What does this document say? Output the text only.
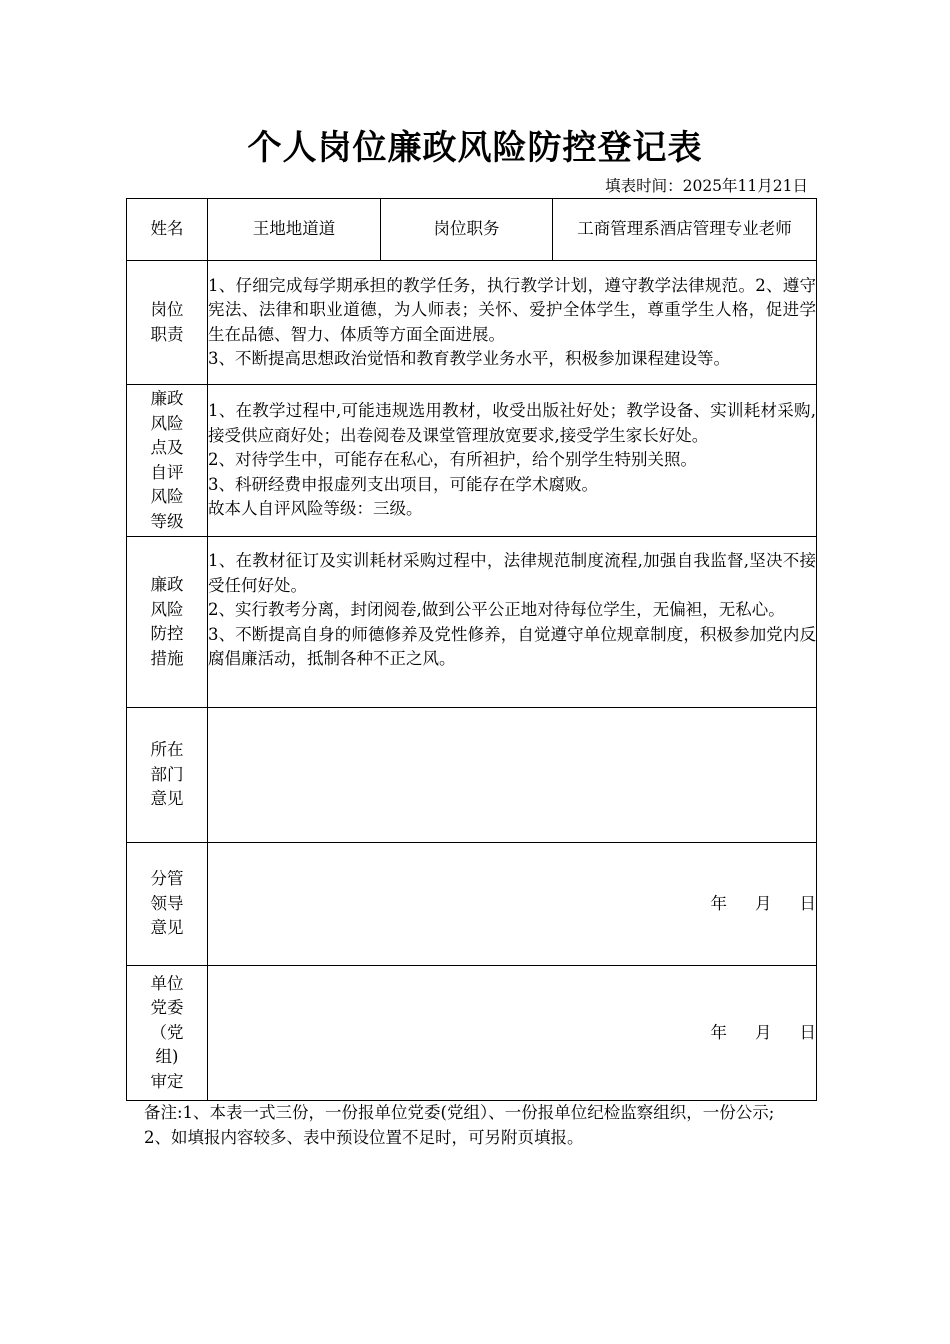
个人岗位廉政风险防控登记表
填表时间：2025年11月21日
姓名	王地地道道	岗位职务	工商管理系酒店管理专业老师

岗位职责	1、仔细完成每学期承担的教学任务，执行教学计划，遵守教学法律规范。2、遵守宪法、法律和职业道德，为人师表；关怀、爱护全体学生，尊重学生人格，促进学生在品德、智力、体质等方面全面进展。

3、不断提高思想政治觉悟和教育教学业务水平，积极参加课程建设等。		

廉政风险点及自评风险等级	1、在教学过程中,可能违规选用教材，收受出版社好处；教学设备、实训耗材采购,接受供应商好处；出卷阅卷及课堂管理放宽要求,接受学生家长好处。

2、对待学生中，可能存在私心，有所袒护，给个别学生特别关照。

3、科研经费申报虚列支出项目，可能存在学术腐败。

故本人自评风险等级：三级。		

廉政风险防控措施	1、在教材征订及实训耗材采购过程中，法律规范制度流程,加强自我监督,坚决不接受任何好处。

2、实行教考分离，封闭阅卷,做到公平公正地对待每位学生，无偏袒，无私心。

3、不断提高自身的师德修养及党性修养，自觉遵守单位规章制度，积极参加党内反腐倡廉活动，抵制各种不正之风。		

所在部门意见			

分管领导意见	年 月 日		

单位党委（党组)审定	年 月 日		

备注:1、本表一式三份，一份报单位党委(党组）、一份报单位纪检监察组织，一份公示;

2、如填报内容较多、表中预设位置不足时，可另附页填报。
